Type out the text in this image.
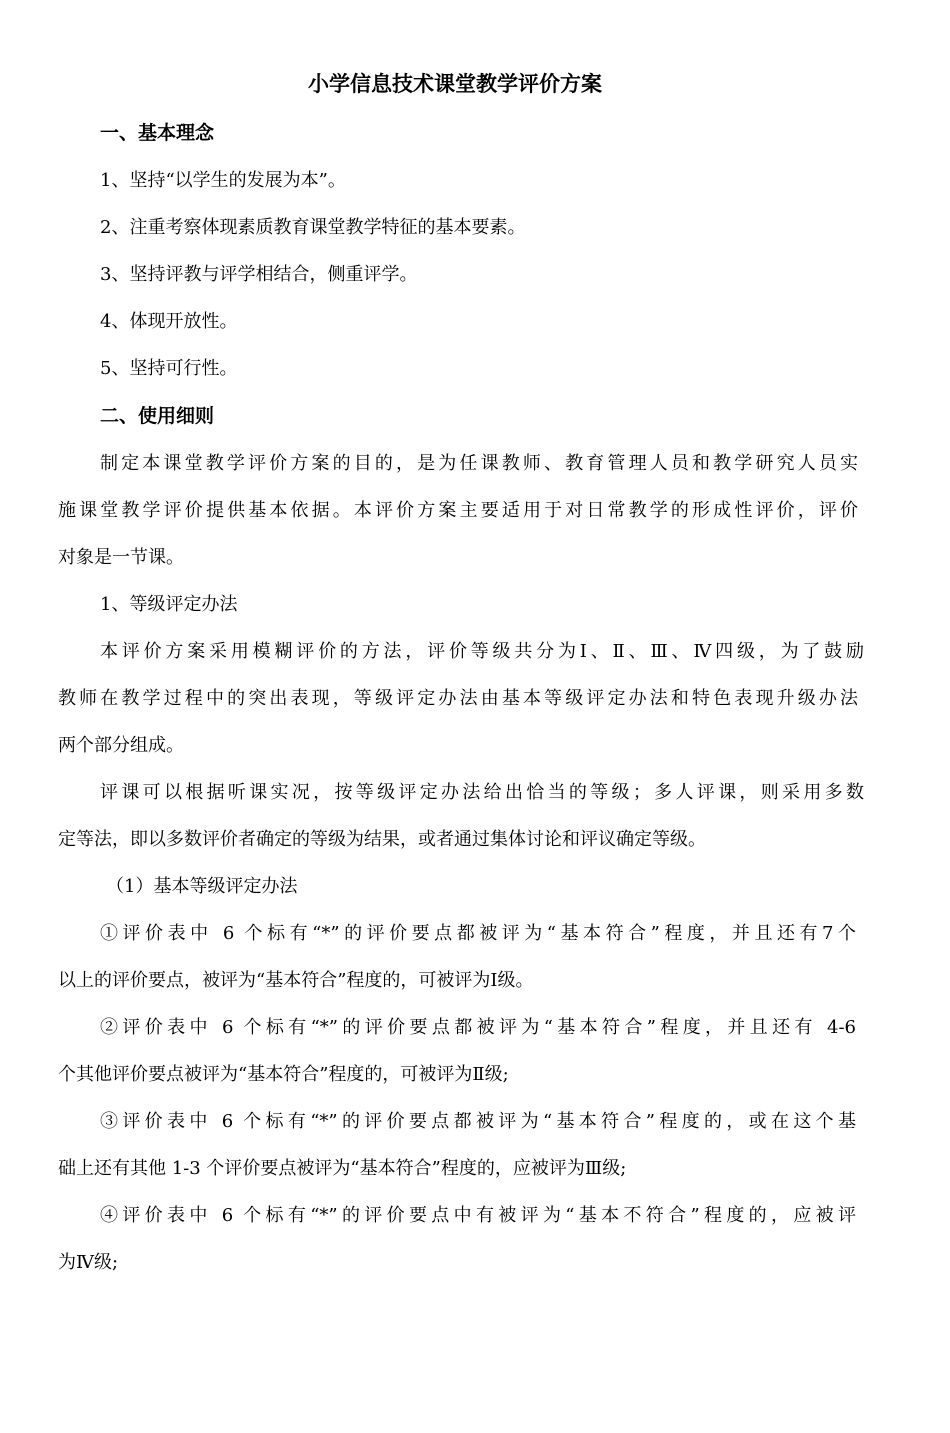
小学信息技术课堂教学评价方案
一、基本理念
1、坚持“以学生的发展为本”。
2、注重考察体现素质教育课堂教学特征的基本要素。
3、坚持评教与评学相结合，侧重评学。
4、体现开放性。
5、坚持可行性。
二、使用细则
制定本课堂教学评价方案的目的，是为任课教师、教育管理人员和教学研究人员实
施课堂教学评价提供基本依据。本评价方案主要适用于对日常教学的形成性评价，评价
对象是一节课。
1、等级评定办法
本评价方案采用模糊评价的方法，评价等级共分为Ⅰ、Ⅱ、Ⅲ、Ⅳ四级，为了鼓励
教师在教学过程中的突出表现，等级评定办法由基本等级评定办法和特色表现升级办法
两个部分组成。
评课可以根据听课实况，按等级评定办法给出恰当的等级；多人评课，则采用多数
定等法，即以多数评价者确定的等级为结果，或者通过集体讨论和评议确定等级。
（1）基本等级评定办法
①评价表中 6 个标有“*”的评价要点都被评为“基本符合”程度，并且还有7个
以上的评价要点，被评为“基本符合”程度的，可被评为Ⅰ级。
②评价表中 6 个标有“*”的评价要点都被评为“基本符合”程度，并且还有 4-6
个其他评价要点被评为“基本符合”程度的，可被评为Ⅱ级;
③评价表中 6 个标有“*”的评价要点都被评为“基本符合”程度的，或在这个基
础上还有其他 1-3 个评价要点被评为“基本符合”程度的，应被评为Ⅲ级;
④评价表中 6 个标有“*”的评价要点中有被评为“基本不符合”程度的，应被评
为Ⅳ级;
